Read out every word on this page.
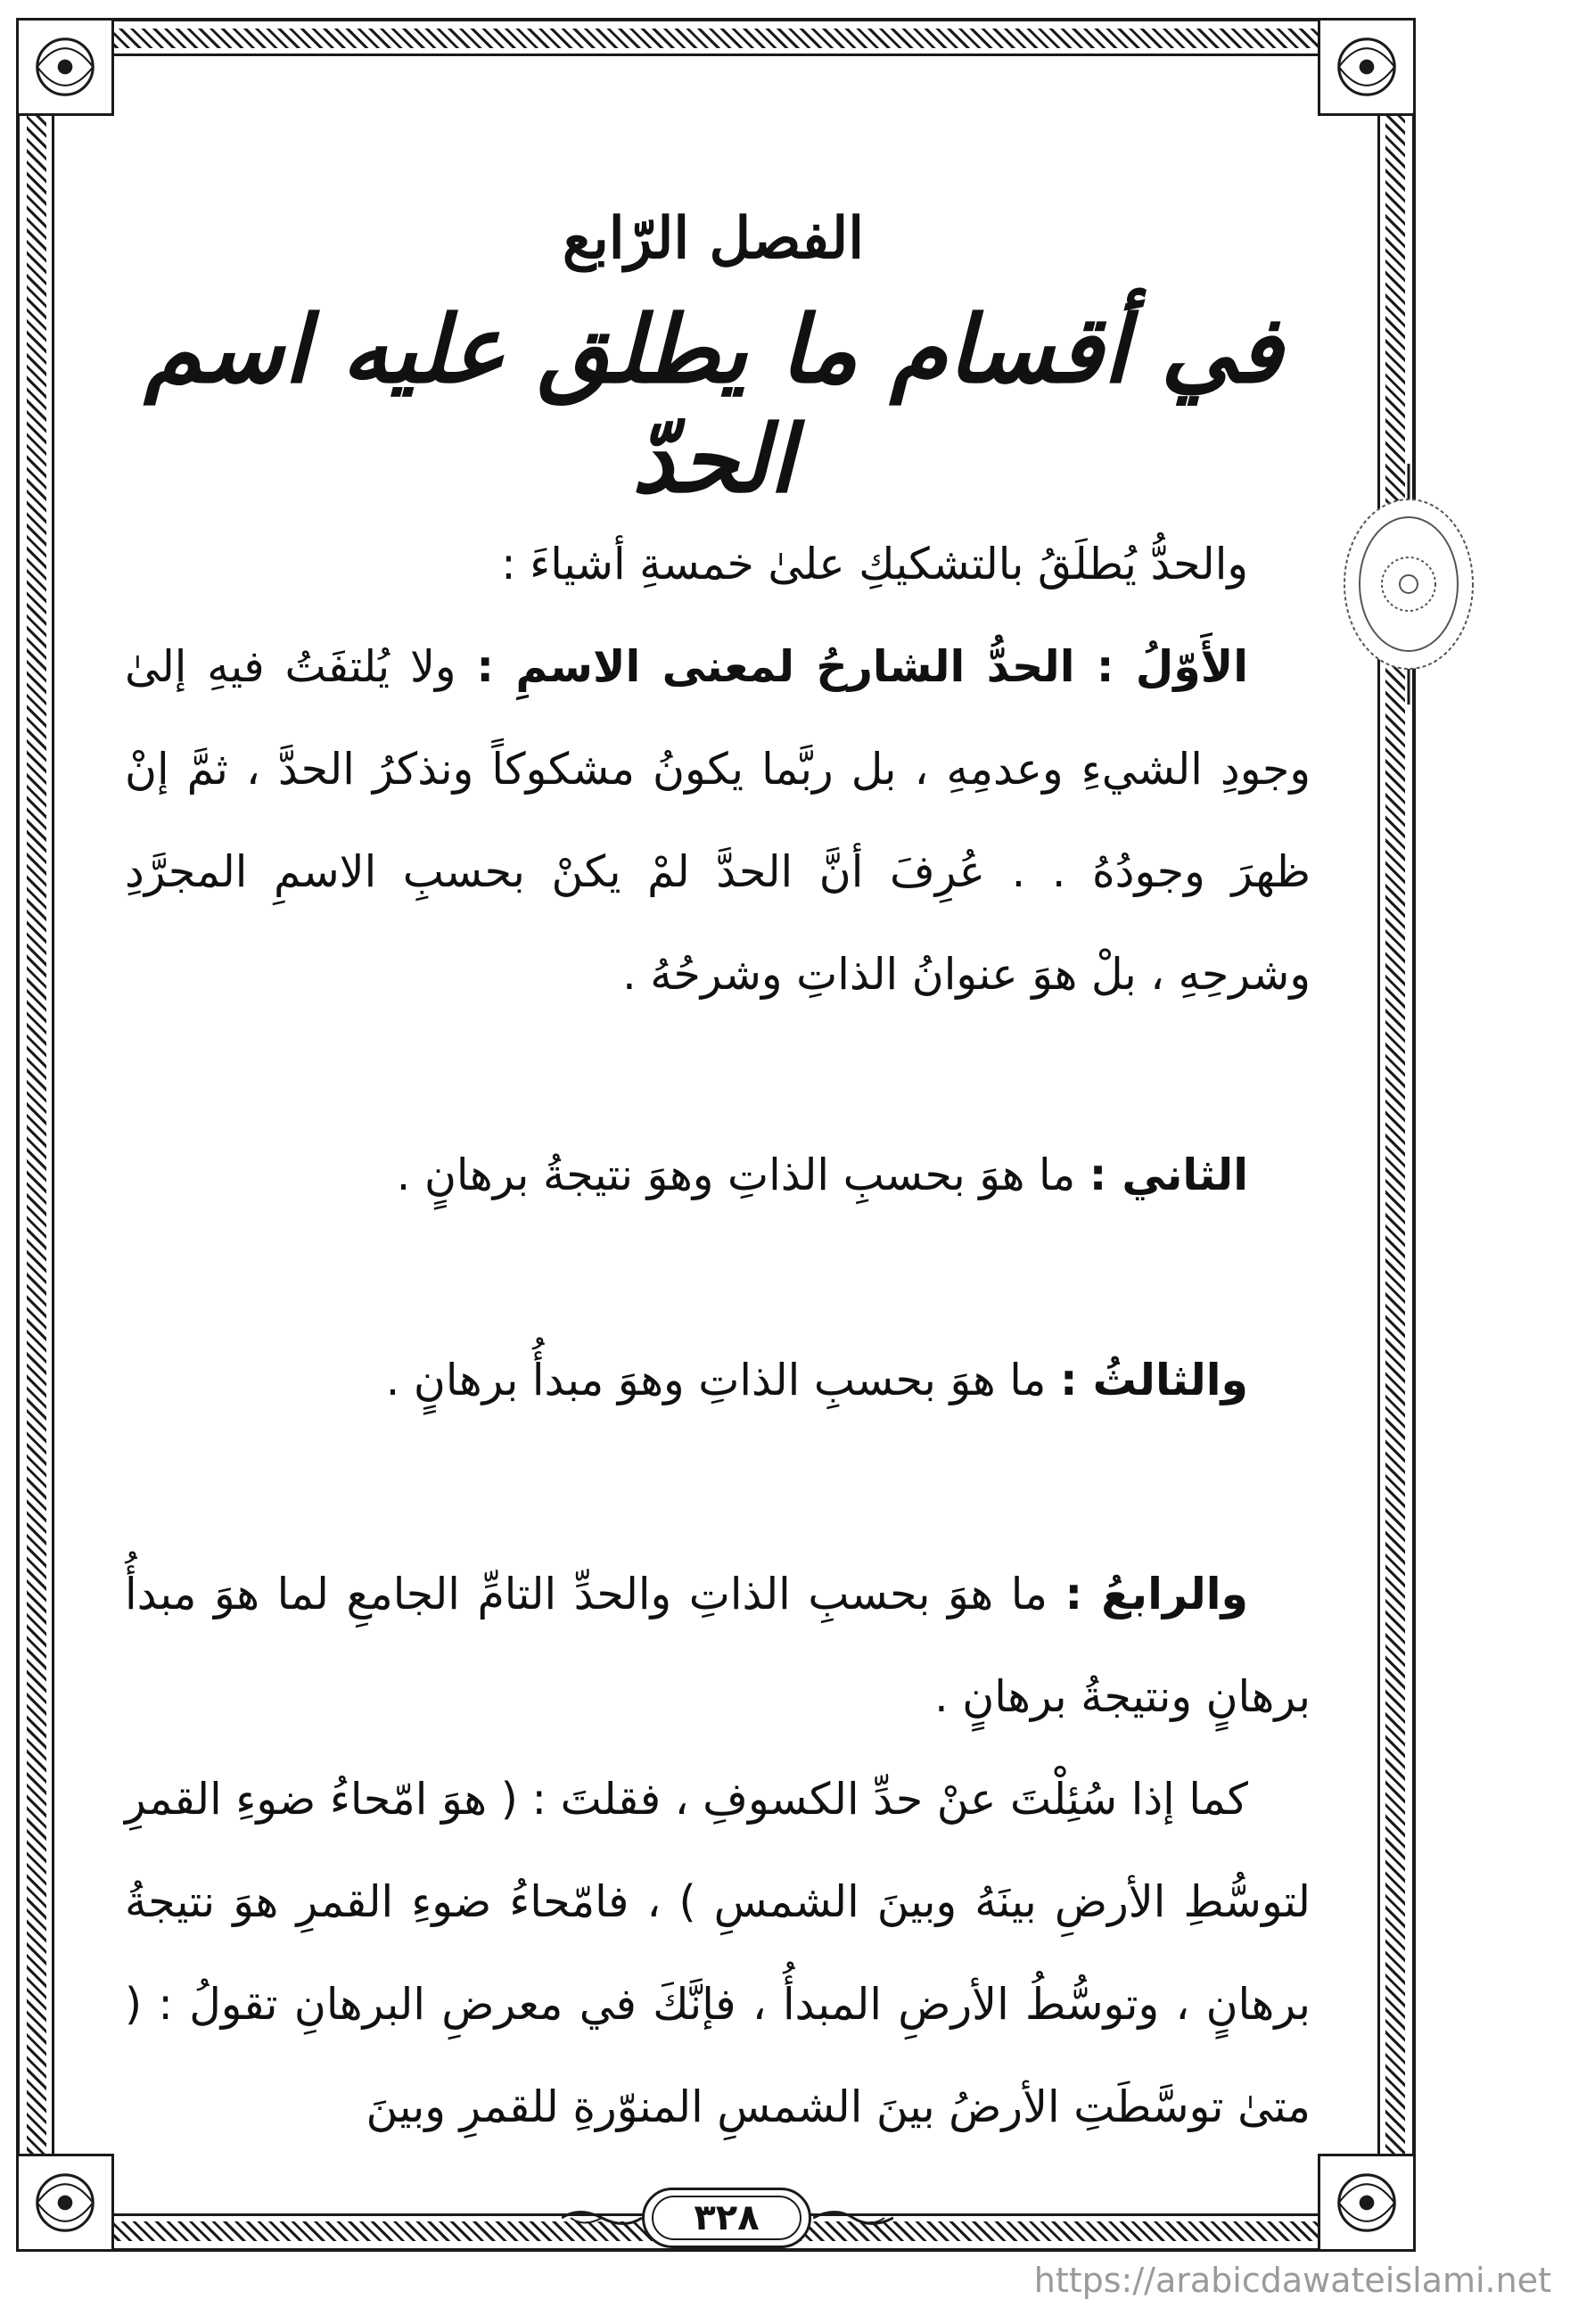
الفصل الرّابع
في أقسام ما يطلق عليه اسم الحدّ

والحدُّ يُطلَقُ بالتشكيكِ علىٰ خمسةِ أشياءَ :

الأَوّلُ : الحدُّ الشارحُ لمعنى الاسمِ : ولا يُلتفَتُ فيهِ إلىٰ وجودِ الشيءِ وعدمِهِ ، بل ربَّما يكونُ مشكوكاً ونذكرُ الحدَّ ، ثمَّ إنْ ظهرَ وجودُهُ . . عُرِفَ أنَّ الحدَّ لمْ يكنْ بحسبِ الاسمِ المجرَّدِ وشرحِهِ ، بلْ هوَ عنوانُ الذاتِ وشرحُهُ .

الثاني : ما هوَ بحسبِ الذاتِ وهوَ نتيجةُ برهانٍ .

والثالثُ : ما هوَ بحسبِ الذاتِ وهوَ مبدأُ برهانٍ .

والرابعُ : ما هوَ بحسبِ الذاتِ والحدِّ التامِّ الجامعِ لما هوَ مبدأُ برهانٍ ونتيجةُ برهانٍ .

كما إذا سُئِلْتَ عنْ حدِّ الكسوفِ ، فقلتَ : ( هوَ امّحاءُ ضوءِ القمرِ لتوسُّطِ الأرضِ بينَهُ وبينَ الشمسِ ) ، فامّحاءُ ضوءِ القمرِ هوَ نتيجةُ برهانٍ ، وتوسُّطُ الأرضِ المبدأُ ، فإنَّكَ في معرضِ البرهانِ تقولُ : ( متىٰ توسَّطَتِ الأرضُ بينَ الشمسِ المنوّرةِ للقمرِ وبينَ

٣٢٨
https://arabicdawateislami.net
